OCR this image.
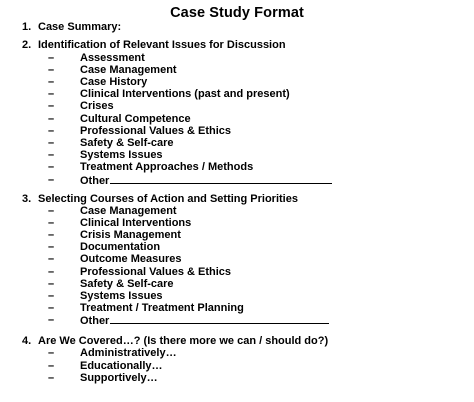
Case Study Format
1. Case Summary:
2. Identification of Relevant Issues for Discussion
– Assessment
– Case Management
– Case History
– Clinical Interventions (past and present)
– Crises
– Cultural Competence
– Professional Values & Ethics
– Safety & Self-care
– Systems Issues
– Treatment Approaches / Methods
– Other
3. Selecting Courses of Action and Setting Priorities
– Case Management
– Clinical Interventions
– Crisis Management
– Documentation
– Outcome Measures
– Professional Values & Ethics
– Safety & Self-care
– Systems Issues
– Treatment / Treatment Planning
– Other
4. Are We Covered…? (Is there more we can / should do?)
– Administratively…
– Educationally…
– Supportively…
